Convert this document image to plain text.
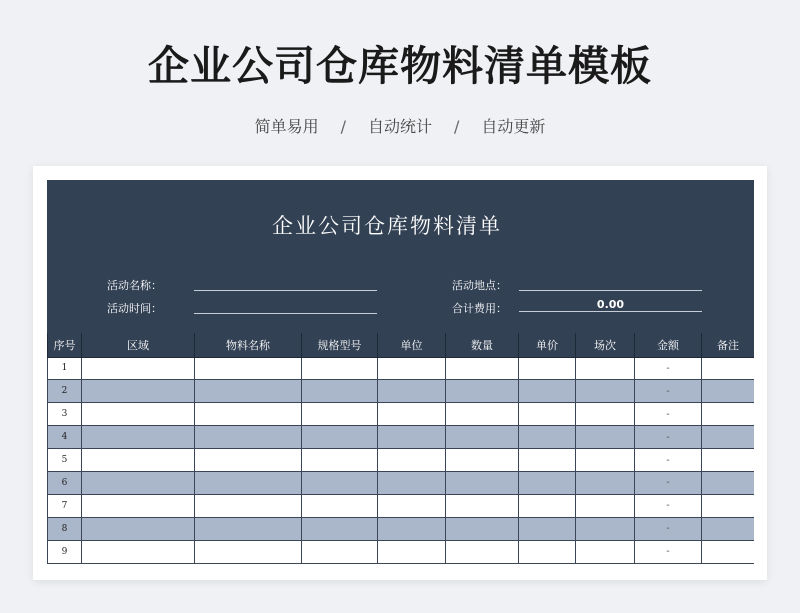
企业公司仓库物料清单模板
简单易用 / 自动统计 / 自动更新
企业公司仓库物料清单
活动名称：
活动时间：
活动地点：
合计费用：	0.00
序号	区域	物料名称	规格型号	单位	数量	单价	场次	金额	备注
1								-	
2								-	
3								-	
4								-	
5								-	
6								-	
7								-	
8								-	
9								-	
